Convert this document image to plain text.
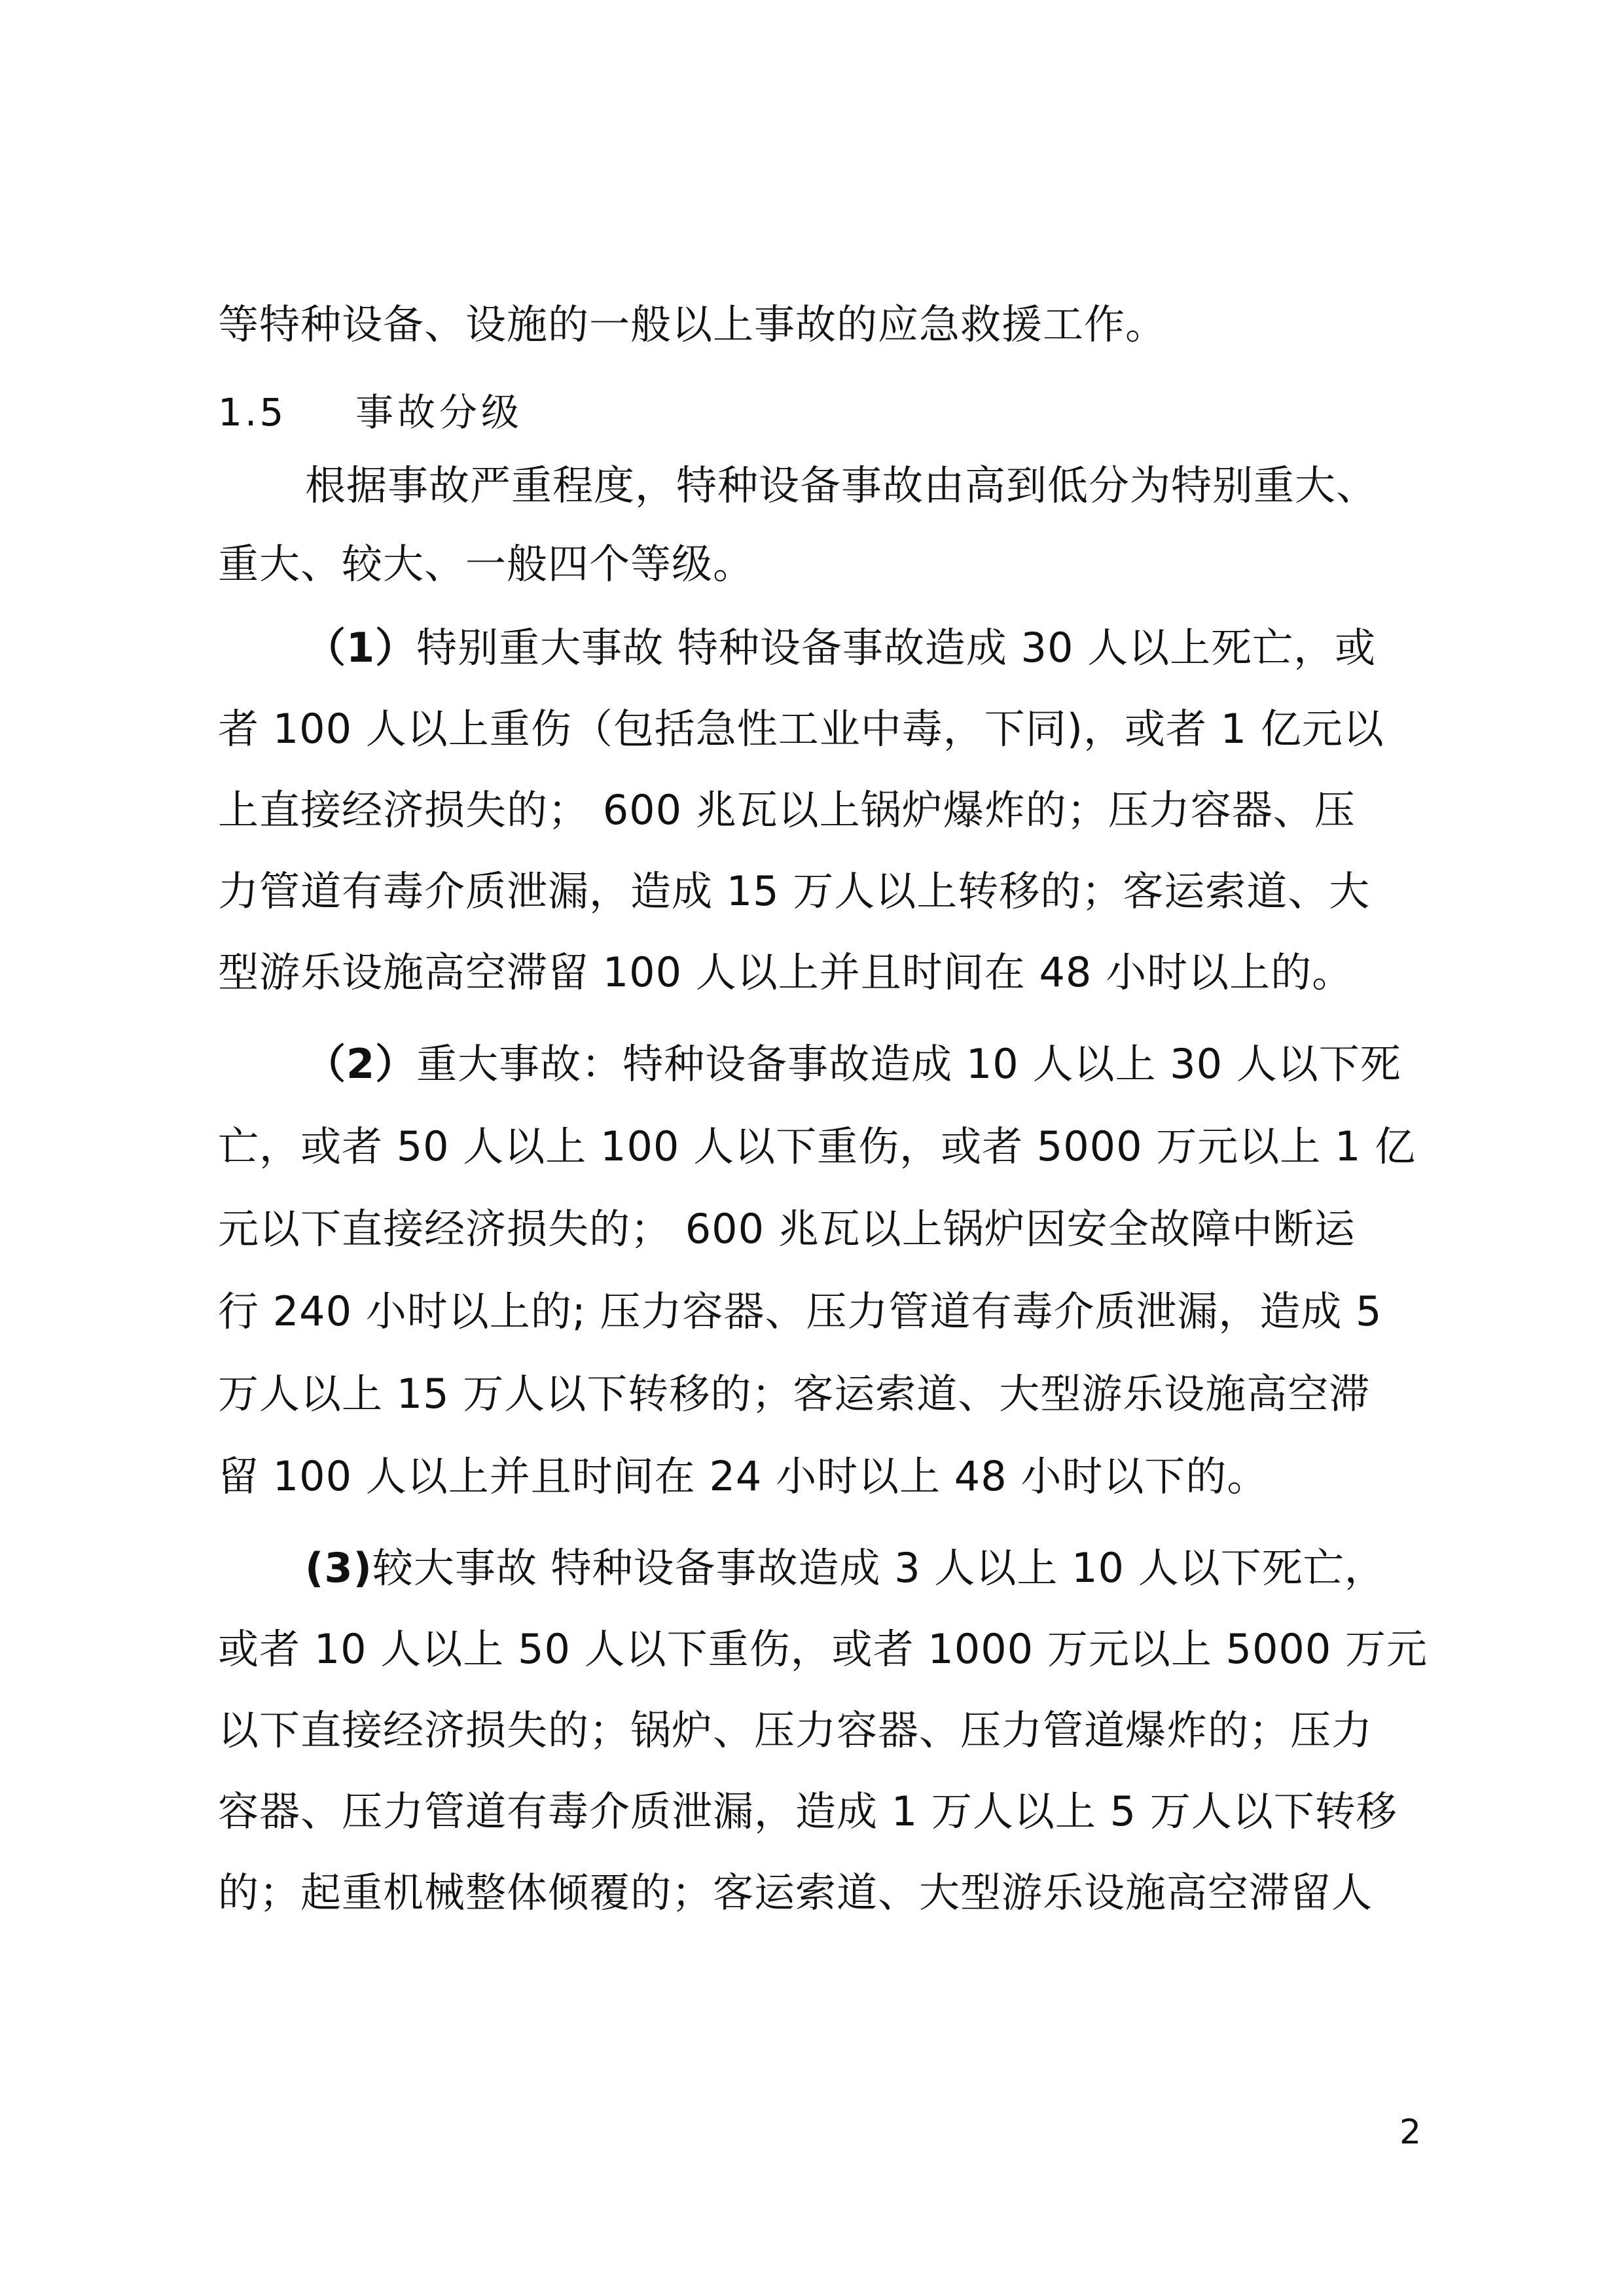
等特种设备、设施的一般以上事故的应急救援工作。
1.5 事故分级
根据事故严重程度，特种设备事故由高到低分为特别重大、
重大、较大、一般四个等级。
（1）特别重大事故 特种设备事故造成 30 人以上死亡，或
者 100 人以上重伤（包括急性工业中毒，下同)，或者 1 亿元以
上直接经济损失的； 600 兆瓦以上锅炉爆炸的；压力容器、压
力管道有毒介质泄漏，造成 15 万人以上转移的；客运索道、大
型游乐设施高空滞留 100 人以上并且时间在 48 小时以上的。
（2）重大事故：特种设备事故造成 10 人以上 30 人以下死
亡，或者 50 人以上 100 人以下重伤，或者 5000 万元以上 1 亿
元以下直接经济损失的； 600 兆瓦以上锅炉因安全故障中断运
行 240 小时以上的; 压力容器、压力管道有毒介质泄漏，造成 5
万人以上 15 万人以下转移的；客运索道、大型游乐设施高空滞
留 100 人以上并且时间在 24 小时以上 48 小时以下的。
(3)较大事故 特种设备事故造成 3 人以上 10 人以下死亡，
或者 10 人以上 50 人以下重伤，或者 1000 万元以上 5000 万元
以下直接经济损失的；锅炉、压力容器、压力管道爆炸的；压力
容器、压力管道有毒介质泄漏，造成 1 万人以上 5 万人以下转移
的；起重机械整体倾覆的；客运索道、大型游乐设施高空滞留人
2
